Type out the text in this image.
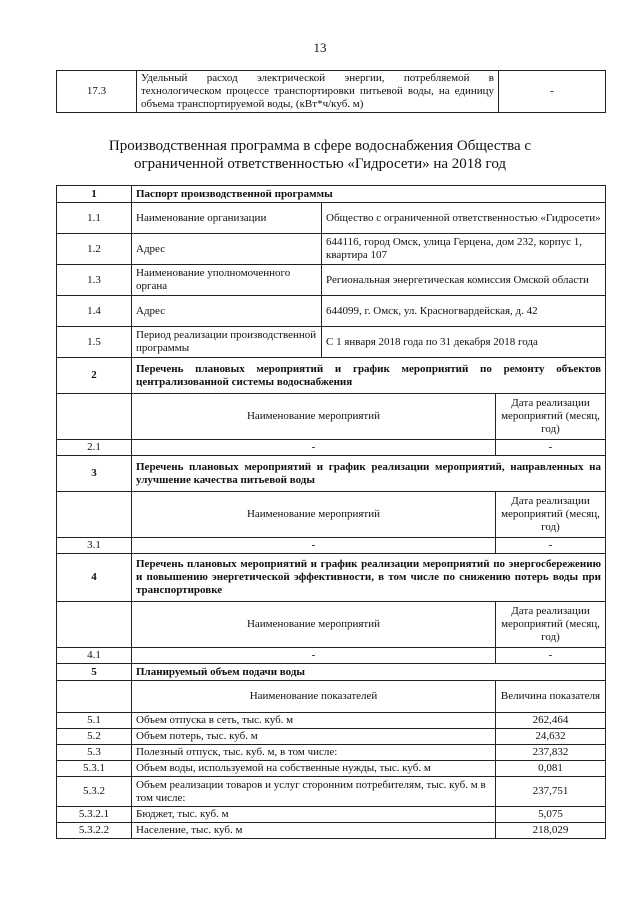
13
17.3	Удельный расход электрической энергии, потребляемой в технологическом процессе транспортировки питьевой воды, на единицу объема транспортируемой воды, (кВт*ч/куб. м)	-
Производственная программа в сфере водоснабжения Общества с ограниченной ответственностью «Гидросети» на 2018 год
1	Паспорт производственной программы		
1.1	Наименование организации	Общество с ограниченной ответственностью «Гидросети»	
1.2	Адрес	644116, город Омск, улица Герцена, дом 232, корпус 1, квартира 107	
1.3	Наименование уполномоченного органа	Региональная энергетическая комиссия Омской области	
1.4	Адрес	644099, г. Омск, ул. Красногвардейская, д. 42	
1.5	Период реализации производственной программы	С 1 января 2018 года по 31 декабря 2018 года	
2	Перечень плановых мероприятий и график мероприятий по ремонту объектов централизованной системы водоснабжения		
	Наименование мероприятий		Дата реализации мероприятий (месяц, год)
2.1	-		-
3	Перечень плановых мероприятий и график реализации мероприятий, направленных на улучшение качества питьевой воды		
	Наименование мероприятий		Дата реализации мероприятий (месяц, год)
3.1	-		-
4	Перечень плановых мероприятий и график реализации мероприятий по энергосбережению и повышению энергетической эффективности, в том числе по снижению потерь воды при транспортировке		
	Наименование мероприятий		Дата реализации мероприятий (месяц, год)
4.1	-		-
5	Планируемый объем подачи воды		
	Наименование показателей		Величина показателя
5.1	Объем отпуска в сеть, тыс. куб. м		262,464
5.2	Объем потерь, тыс. куб. м		24,632
5.3	Полезный отпуск, тыс. куб. м, в том числе:		237,832
5.3.1	Объем воды, используемой на собственные нужды, тыс. куб. м		0,081
5.3.2	Объем реализации товаров и услуг сторонним потребителям, тыс. куб. м в том числе:		237,751
5.3.2.1	Бюджет, тыс. куб. м		5,075
5.3.2.2	Население, тыс. куб. м		218,029
